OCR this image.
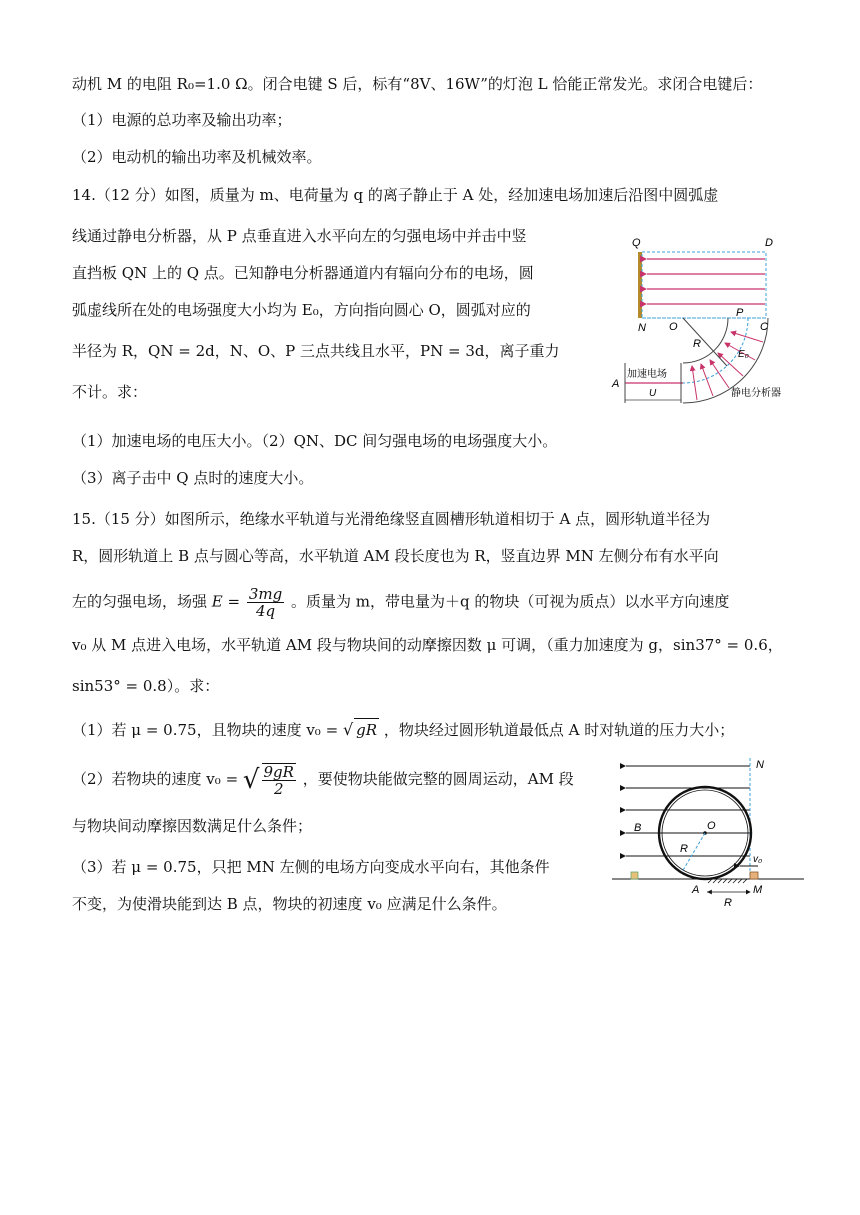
动机 M 的电阻 R₀=1.0 Ω。闭合电键 S 后，标有“8V、16W”的灯泡 L 恰能正常发光。求闭合电键后：
（1）电源的总功率及输出功率；
（2）电动机的输出功率及机械效率。
14.（12 分）如图，质量为 m、电荷量为 q 的离子静止于 A 处，经加速电场加速后沿图中圆弧虚
线通过静电分析器，从 P 点垂直进入水平向左的匀强电场中并击中竖
直挡板 QN 上的 Q 点。已知静电分析器通道内有辐向分布的电场，圆
弧虚线所在处的电场强度大小均为 E₀，方向指向圆心 O，圆弧对应的
半径为 R，QN = 2d，N、O、P 三点共线且水平，PN = 3d，离子重力
不计。求：
（1）加速电场的电压大小。（2）QN、DC 间匀强电场的电场强度大小。
（3）离子击中 Q 点时的速度大小。
Q	D
N O
P
C
R
E₀
A
加速电场
U	静电分析器
15.（15 分）如图所示，绝缘水平轨道与光滑绝缘竖直圆槽形轨道相切于 A 点，圆形轨道半径为
R，圆形轨道上 B 点与圆心等高，水平轨道 AM 段长度也为 R，竖直边界 MN 左侧分布有水平向
左的匀强电场，场强 $E = \frac{3mg}{4q}$ 。质量为 m，带电量为＋q 的物块（可视为质点）以水平方向速度
v₀ 从 M 点进入电场，水平轨道 AM 段与物块间的动摩擦因数 μ 可调，（重力加速度为 g，sin37° = 0.6，
sin53° = 0.8）。求：
（1）若 μ = 0.75，且物块的速度 v₀ = √ gR ，物块经过圆形轨道最低点 A 时对轨道的压力大小；
（2）若物块的速度 v₀ = √ $\frac{9gR}{2}$ ，要使物块能做完整的圆周运动，AM 段
与物块间动摩擦因数满足什么条件；
（3）若 μ = 0.75，只把 MN 左侧的电场方向变成水平向右，其他条件
不变，为使滑块能到达 B 点，物块的初速度 v₀ 应满足什么条件。
N
B	O
R
v₀
A	M
R
